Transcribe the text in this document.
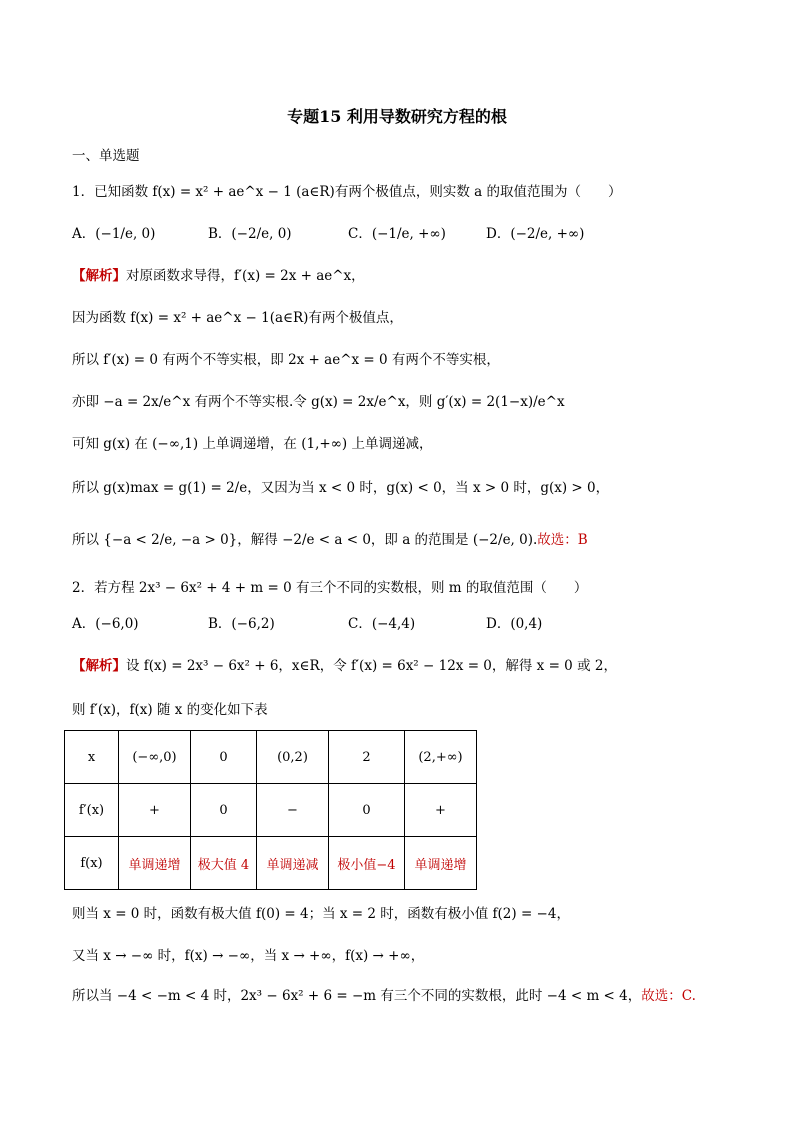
专题15 利用导数研究方程的根
一、单选题
1．已知函数 f(x) = x² + ae^x − 1 (a∈R)有两个极值点，则实数 a 的取值范围为（　　）
A．(−1/e, 0)	B．(−2/e, 0)	C．(−1/e, +∞)	D．(−2/e, +∞)
【解析】对原函数求导得，f′(x) = 2x + ae^x，
因为函数 f(x) = x² + ae^x − 1(a∈R)有两个极值点，
所以 f′(x) = 0 有两个不等实根，即 2x + ae^x = 0 有两个不等实根，
亦即 −a = 2x/e^x 有两个不等实根.令 g(x) = 2x/e^x，则 g′(x) = 2(1−x)/e^x
可知 g(x) 在 (−∞,1) 上单调递增，在 (1,+∞) 上单调递减，
所以 g(x)max = g(1) = 2/e，又因为当 x < 0 时，g(x) < 0，当 x > 0 时，g(x) > 0，
所以 {−a < 2/e, −a > 0}，解得 −2/e < a < 0，即 a 的范围是 (−2/e, 0).故选：B
2．若方程 2x³ − 6x² + 4 + m = 0 有三个不同的实数根，则 m 的取值范围（　　）
A．(−6,0)	B．(−6,2)	C．(−4,4)	D．(0,4)
【解析】设 f(x) = 2x³ − 6x² + 6，x∈R，令 f′(x) = 6x² − 12x = 0，解得 x = 0 或 2，
则 f′(x)，f(x) 随 x 的变化如下表
x	(−∞,0)	0	(0,2)	2	(2,+∞)
f′(x)	+	0	−	0	+
f(x)	单调递增	极大值 4	单调递减	极小值−4	单调递增
则当 x = 0 时，函数有极大值 f(0) = 4；当 x = 2 时，函数有极小值 f(2) = −4，
又当 x → −∞ 时，f(x) → −∞，当 x → +∞，f(x) → +∞，
所以当 −4 < −m < 4 时，2x³ − 6x² + 6 = −m 有三个不同的实数根，此时 −4 < m < 4，故选：C.
